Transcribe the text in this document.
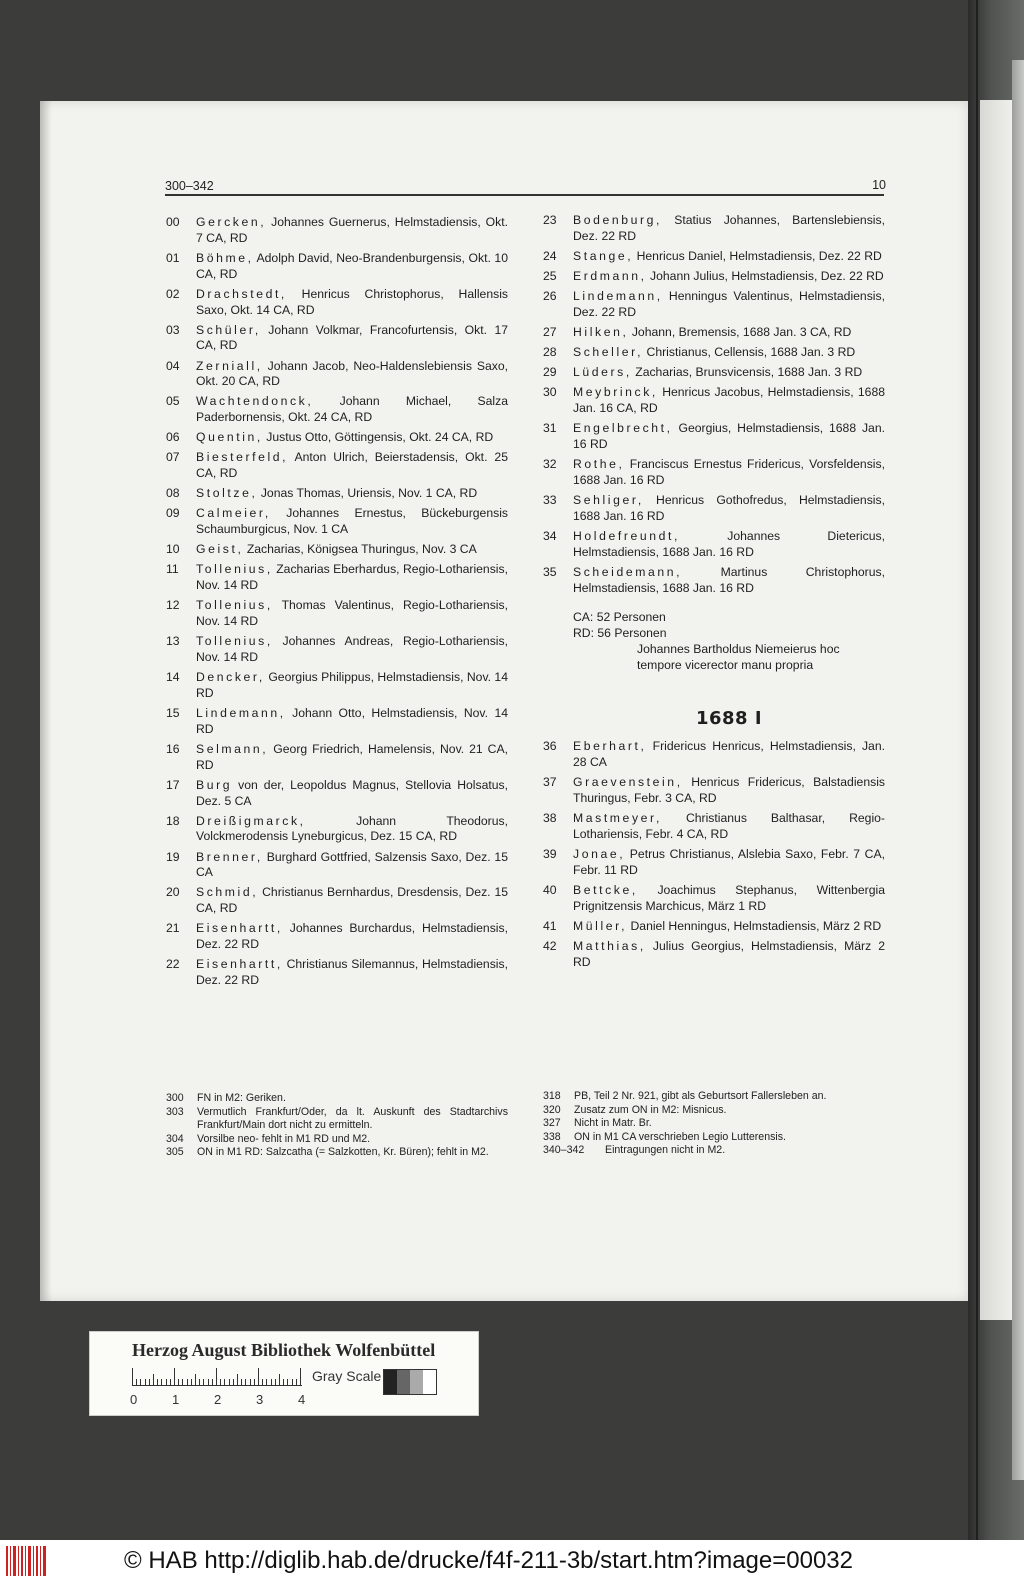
300–342	10
00	Gercken, Johannes Guernerus, Helmstadiensis, Okt. 7 CA, RD
01	Böhme, Adolph David, Neo-Brandenburgensis, Okt. 10 CA, RD
02	Drachstedt, Henricus Christophorus, Hallensis Saxo, Okt. 14 CA, RD
03	Schüler, Johann Volkmar, Francofurtensis, Okt. 17 CA, RD
04	Zerniall, Johann Jacob, Neo-Haldenslebiensis Saxo, Okt. 20 CA, RD
05	Wachtendonck, Johann Michael, Salza Paderbornensis, Okt. 24 CA, RD
06	Quentin, Justus Otto, Göttingensis, Okt. 24 CA, RD
07	Biesterfeld, Anton Ulrich, Beierstadensis, Okt. 25 CA, RD
08	Stoltze, Jonas Thomas, Uriensis, Nov. 1 CA, RD
09	Calmeier, Johannes Ernestus, Bückeburgensis Schaumburgicus, Nov. 1 CA
10	Geist, Zacharias, Königsea Thuringus, Nov. 3 CA
11	Tollenius, Zacharias Eberhardus, Regio-Lothariensis, Nov. 14 RD
12	Tollenius, Thomas Valentinus, Regio-Lothariensis, Nov. 14 RD
13	Tollenius, Johannes Andreas, Regio-Lothariensis, Nov. 14 RD
14	Dencker, Georgius Philippus, Helmstadiensis, Nov. 14 RD
15	Lindemann, Johann Otto, Helmstadiensis, Nov. 14 RD
16	Selmann, Georg Friedrich, Hamelensis, Nov. 21 CA, RD
17	Burg von der, Leopoldus Magnus, Stellovia Holsatus, Dez. 5 CA
18	Dreißigmarck, Johann Theodorus, Volckmerodensis Lyneburgicus, Dez. 15 CA, RD
19	Brenner, Burghard Gottfried, Salzensis Saxo, Dez. 15 CA
20	Schmid, Christianus Bernhardus, Dresdensis, Dez. 15 CA, RD
21	Eisenhartt, Johannes Burchardus, Helmstadiensis, Dez. 22 RD
22	Eisenhartt, Christianus Silemannus, Helmstadiensis, Dez. 22 RD
23	Bodenburg, Statius Johannes, Bartenslebiensis, Dez. 22 RD
24	Stange, Henricus Daniel, Helmstadiensis, Dez. 22 RD
25	Erdmann, Johann Julius, Helmstadiensis, Dez. 22 RD
26	Lindemann, Henningus Valentinus, Helmstadiensis, Dez. 22 RD
27	Hilken, Johann, Bremensis, 1688 Jan. 3 CA, RD
28	Scheller, Christianus, Cellensis, 1688 Jan. 3 RD
29	Lüders, Zacharias, Brunsvicensis, 1688 Jan. 3 RD
30	Meybrinck, Henricus Jacobus, Helmstadiensis, 1688 Jan. 16 CA, RD
31	Engelbrecht, Georgius, Helmstadiensis, 1688 Jan. 16 RD
32	Rothe, Franciscus Ernestus Fridericus, Vorsfeldensis, 1688 Jan. 16 RD
33	Sehliger, Henricus Gothofredus, Helmstadiensis, 1688 Jan. 16 RD
34	Holdefreundt, Johannes Dietericus, Helmstadiensis, 1688 Jan. 16 RD
35	Scheidemann, Martinus Christophorus, Helmstadiensis, 1688 Jan. 16 RD
CA: 52 Personen
RD: 56 Personen
Johannes Bartholdus Niemeierus hoc
tempore vicerector manu propria
1688 I
36	Eberhart, Fridericus Henricus, Helmstadiensis, Jan. 28 CA
37	Graevenstein, Henricus Fridericus, Balstadiensis Thuringus, Febr. 3 CA, RD
38	Mastmeyer, Christianus Balthasar, Regio-Lothariensis, Febr. 4 CA, RD
39	Jonae, Petrus Christianus, Alslebia Saxo, Febr. 7 CA, Febr. 11 RD
40	Bettcke, Joachimus Stephanus, Wittenbergia Prignitzensis Marchicus, März 1 RD
41	Müller, Daniel Henningus, Helmstadiensis, März 2 RD
42	Matthias, Julius Georgius, Helmstadiensis, März 2 RD
300	FN in M2: Geriken.
303	Vermutlich Frankfurt/Oder, da lt. Auskunft des Stadtarchivs Frankfurt/Main dort nicht zu ermitteln.
304	Vorsilbe neo- fehlt in M1 RD und M2.
305	ON in M1 RD: Salzcatha (= Salzkotten, Kr. Büren); fehlt in M2.
318	PB, Teil 2 Nr. 921, gibt als Geburtsort Fallersleben an.
320	Zusatz zum ON in M2: Misnicus.
327	Nicht in Matr. Br.
338	ON in M1 CA verschrieben Legio Lutterensis.
340–342	Eintragungen nicht in M2.
Herzog August Bibliothek Wolfenbüttel
0	1	2	3	4
Gray Scale
© HAB http://diglib.hab.de/drucke/f4f-211-3b/start.htm?image=00032
